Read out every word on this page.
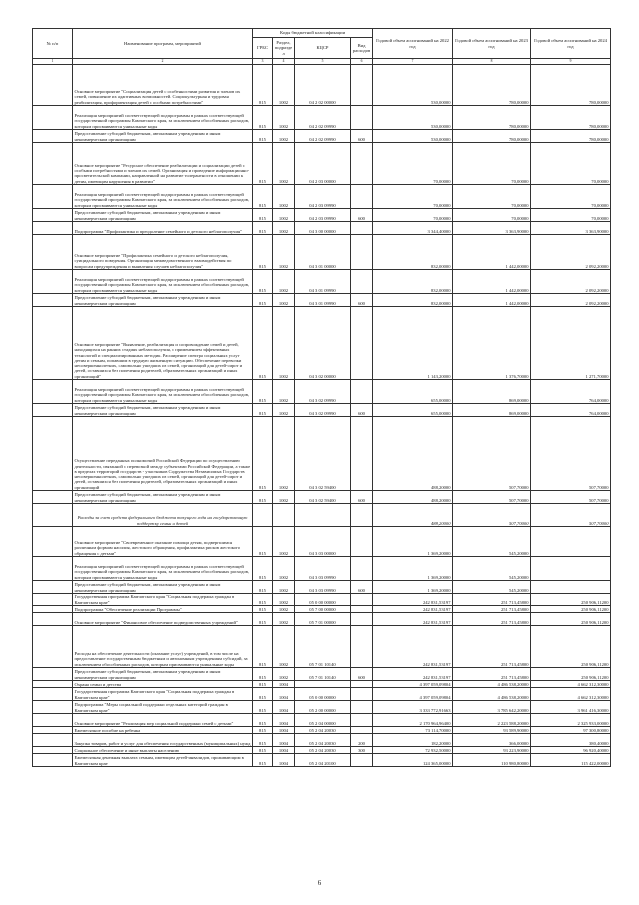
№ п/п	Наименование программ, мероприятий	Коды бюджетной классификации				Годовой объем ассигнований на 2022 год	Годовой объем ассигнований на 2023 год	Годовой объем ассигнований на 2024 год
		ГРБС	Раздел, подраздел	КЦСР	Вид расходов			
1	2	3	4	5	6	7	8	9
	Основное мероприятие "Социализация детей с особенностями развития и членов их семей, повышение их адаптивных возможностей. Социокультурная и трудовая реабилитация, профориентация детей с особыми потребностями"	815	1002	04 2 02 00000		530,00000	780,00000	780,00000
	Реализация мероприятий соответствующей подпрограммы в рамках соответствующей государственной программы Камчатского края, за исключением обособленных расходов, которым присваиваются уникальные коды	815	1002	04 2 02 09990		530,00000	780,00000	780,00000
	Предоставление субсидий бюджетным, автономным учреждениям и иным некоммерческим организациям	815	1002	04 2 02 09990	600	530,00000	780,00000	780,00000
	Основное мероприятие "Ресурсное обеспечение реабилитации и социализации детей с особыми потребностями и членов их семей. Организация и проведение информационно-просветительской кампании, направленной на развитие толерантности в отношении к детям, имеющим нарушения в развитии"	815	1002	04 2 03 00000		70,00000	70,00000	70,00000
	Реализация мероприятий соответствующей подпрограммы в рамках соответствующей государственной программы Камчатского края, за исключением обособленных расходов, которым присваиваются уникальные коды	815	1002	04 2 03 09990		70,00000	70,00000	70,00000
	Предоставление субсидий бюджетным, автономным учреждениям и иным некоммерческим организациям	815	1002	04 2 03 09990	600	70,00000	70,00000	70,00000
	Подпрограмма "Профилактика и преодоление семейного и детского неблагополучия"	815	1002	04 3 00 00000		3 344,40000	3 363,90000	3 363,90000
	Основное мероприятие "Профилактика семейного и детского неблагополучия, суицидального поведения. Организация межведомственного взаимодействия по вопросам предупреждения и выявления случаев неблагополучия"	815	1002	04 3 01 00000		832,00000	1 442,00000	2 092,20000
	Реализация мероприятий соответствующей подпрограммы в рамках соответствующей государственной программы Камчатского края, за исключением обособленных расходов, которым присваиваются уникальные коды	815	1002	04 3 01 09990		832,00000	1 442,00000	2 092,20000
	Предоставление субсидий бюджетным, автономным учреждениям и иным некоммерческим организациям	815	1002	04 3 01 09990	600	832,00000	1 442,00000	2 092,20000
	Основное мероприятие "Выявление, реабилитация и сопровождение семей и детей, находящихся на ранних стадиях неблагополучия, с применением эффективных технологий и специализированных методик. Расширение спектра социальных услуг детям и семьям, попавшим в трудную жизненную ситуацию. Обеспечение перевозки несовершеннолетних, самовольно ушедших из семей, организаций для детей-сирот и детей, оставшихся без попечения родителей, образовательных организаций и иных организаций"	815	1002	04 3 02 00000		1 143,20000	1 376,70000	1 271,70000
	Реализация мероприятий соответствующей подпрограммы в рамках соответствующей государственной программы Камчатского края, за исключением обособленных расходов, которым присваиваются уникальные коды	815	1002	04 3 02 09990		655,00000	869,00000	764,00000
	Предоставление субсидий бюджетным, автономным учреждениям и иным некоммерческим организациям	815	1002	04 3 02 09990	600	655,00000	869,00000	764,00000
	Осуществление переданных полномочий Российской Федерации по осуществлению деятельности, связанной с перевозкой между субъектами Российской Федерации, а также в пределах территорий государств - участников Содружества Независимых Государств несовершеннолетних, самовольно ушедших из семей, организаций для детей-сирот и детей, оставшихся без попечения родителей, образовательных организаций и иных организаций	815	1002	04 3 02 59400		488,20000	507,70000	507,70000
	Предоставление субсидий бюджетным, автономным учреждениям и иным некоммерческим организациям	815	1002	04 3 02 59400	600	488,20000	507,70000	507,70000
	Расходы за счет средств федерального бюджета текущего года на государственную поддержку семьи и детей					488,20000	507,70000	507,70000
	Основное мероприятие "Своевременное оказание помощи детям, подвергшимся различным формам насилия, жестокого обращения, профилактика рисков жестокого обращения с детьми"	815	1002	04 3 03 00000		1 369,20000	545,20000	
	Реализация мероприятий соответствующей подпрограммы в рамках соответствующей государственной программы Камчатского края, за исключением обособленных расходов, которым присваиваются уникальные коды	815	1002	04 3 03 09990		1 369,20000	545,20000	
	Предоставление субсидий бюджетным, автономным учреждениям и иным некоммерческим организациям	815	1002	04 3 03 09990	600	1 369,20000	545,20000	
	Государственная программа Камчатского края "Социальная поддержка граждан в Камчатском крае"	815	1002	05 0 00 00000		242 831,53197	251 713,45800	250 906,11200
	Подпрограмма "Обеспечение реализации Программы"	815	1002	05 7 00 00000		242 831,53197	251 713,45800	250 906,11200
	Основное мероприятие "Финансовое обеспечение подведомственных учреждений"	815	1002	05 7 01 00000		242 831,53197	251 713,45800	250 906,11200
	Расходы на обеспечение деятельности (оказание услуг) учреждений, в том числе на предоставление государственным бюджетным и автономным учреждениям субсидий, за исключением обособленных расходов, которым присваиваются уникальные коды	815	1002	05 7 01 10140		242 831,53197	251 713,45800	250 906,11200
	Предоставление субсидий бюджетным, автономным учреждениям и иным некоммерческим организациям	815	1002	05 7 01 10140	600	242 831,53197	251 713,45800	250 906,11200
	Охрана семьи и детства	815	1004			4 397 059,09804	4 486 538,20000	4 662 312,30000
	Государственная программа Камчатского края "Социальная поддержка граждан в Камчатском крае"	815	1004	05 0 00 00000		4 397 059,09804	4 486 538,20000	4 662 312,30000
	Подпрограмма "Меры социальной поддержки отдельных категорий граждан в Камчатском крае"	815	1004	05 2 00 00000		3 333 772,91663	3 785 642,20000	3 961 416,30000
	Основное мероприятие "Реализация мер социальной поддержки семей с детьми"	815	1004	05 2 04 00000		2 170 964,96400	2 223 588,20000	2 325 933,00000
	Ежемесячное пособие на ребенка	815	1004	05 2 04 20030		73 114,70000	93 589,90000	97 300,80000
	Закупка товаров, работ и услуг для обеспечения государственных (муниципальных) нужд	815	1004	05 2 04 20030	200	182,20000	366,00000	380,40000
	Социальное обеспечение и иные выплаты населению	815	1004	05 2 04 20030	300	72 932,50000	93 223,90000	96 920,40000
	Ежемесячная денежная выплата семьям, имеющим детей-инвалидов, проживающим в Камчатском крае	815	1004	05 2 04 20100		124 365,00000	110 980,80000	115 422,00000
6
